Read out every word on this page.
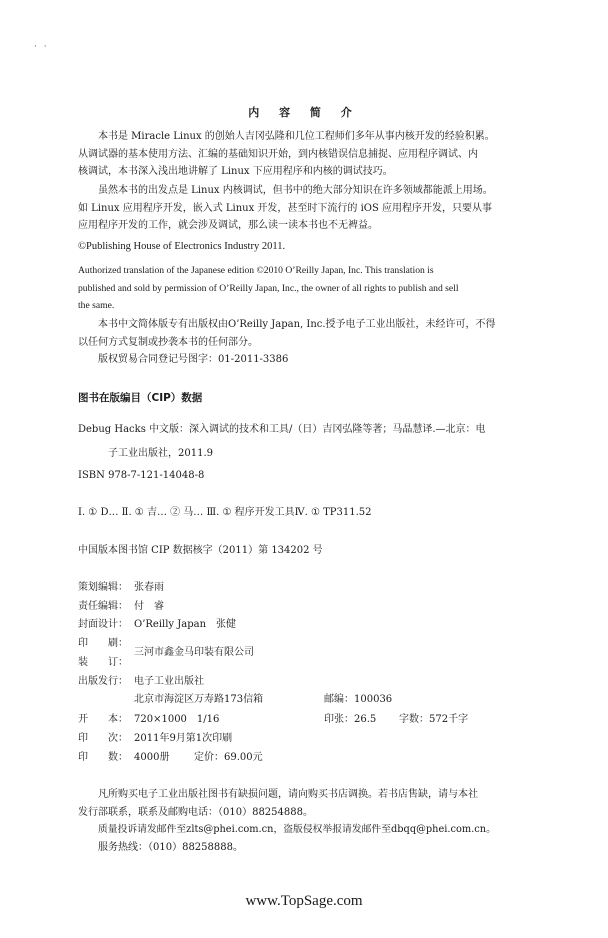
· ·
内 容 简 介
本书是 Miracle Linux 的创始人吉冈弘隆和几位工程师们多年从事内核开发的经验积累。
从调试器的基本使用方法、汇编的基础知识开始，到内核错误信息捕捉、应用程序调试、内
核调试，本书深入浅出地讲解了 Linux 下应用程序和内核的调试技巧。
虽然本书的出发点是 Linux 内核调试，但书中的绝大部分知识在许多领域都能派上用场。
如 Linux 应用程序开发，嵌入式 Linux 开发，甚至时下流行的 iOS 应用程序开发，只要从事
应用程序开发的工作，就会涉及调试，那么读一读本书也不无裨益。
©Publishing House of Electronics Industry 2011.
Authorized translation of the Japanese edition ©2010 O’Reilly Japan, Inc. This translation is
published and sold by permission of O’Reilly Japan, Inc., the owner of all rights to publish and sell
the same.
本书中文简体版专有出版权由O’Reilly Japan, Inc.授予电子工业出版社，未经许可，不得
以任何方式复制或抄袭本书的任何部分。
版权贸易合同登记号图字：01-2011-3386
图书在版编目（CIP）数据
Debug Hacks 中文版：深入调试的技术和工具/（日）吉冈弘隆等著；马晶慧译.—北京：电
子工业出版社，2011.9
ISBN 978-7-121-14048-8
Ⅰ. ① D… Ⅱ. ① 吉… ② 马… Ⅲ. ① 程序开发工具Ⅳ. ① TP311.52
中国版本图书馆 CIP 数据核字（2011）第 134202 号
策划编辑： 张春雨
责任编辑： 付　睿
封面设计： O’Reilly Japan　张健
印　　刷：
三河市鑫金马印装有限公司
装　　订：
出版发行： 电子工业出版社
北京市海淀区万寿路173信箱	邮编：100036
开　　本： 720×1000　1/16	印张：26.5 字数：572千字
印　　次： 2011年9月第1次印刷
印　　数： 4000册 定价：69.00元
凡所购买电子工业出版社图书有缺损问题，请向购买书店调换。若书店售缺，请与本社
发行部联系，联系及邮购电话：（010）88254888。
质量投诉请发邮件至zlts@phei.com.cn，盗版侵权举报请发邮件至dbqq@phei.com.cn。
服务热线：（010）88258888。
www.TopSage.com
